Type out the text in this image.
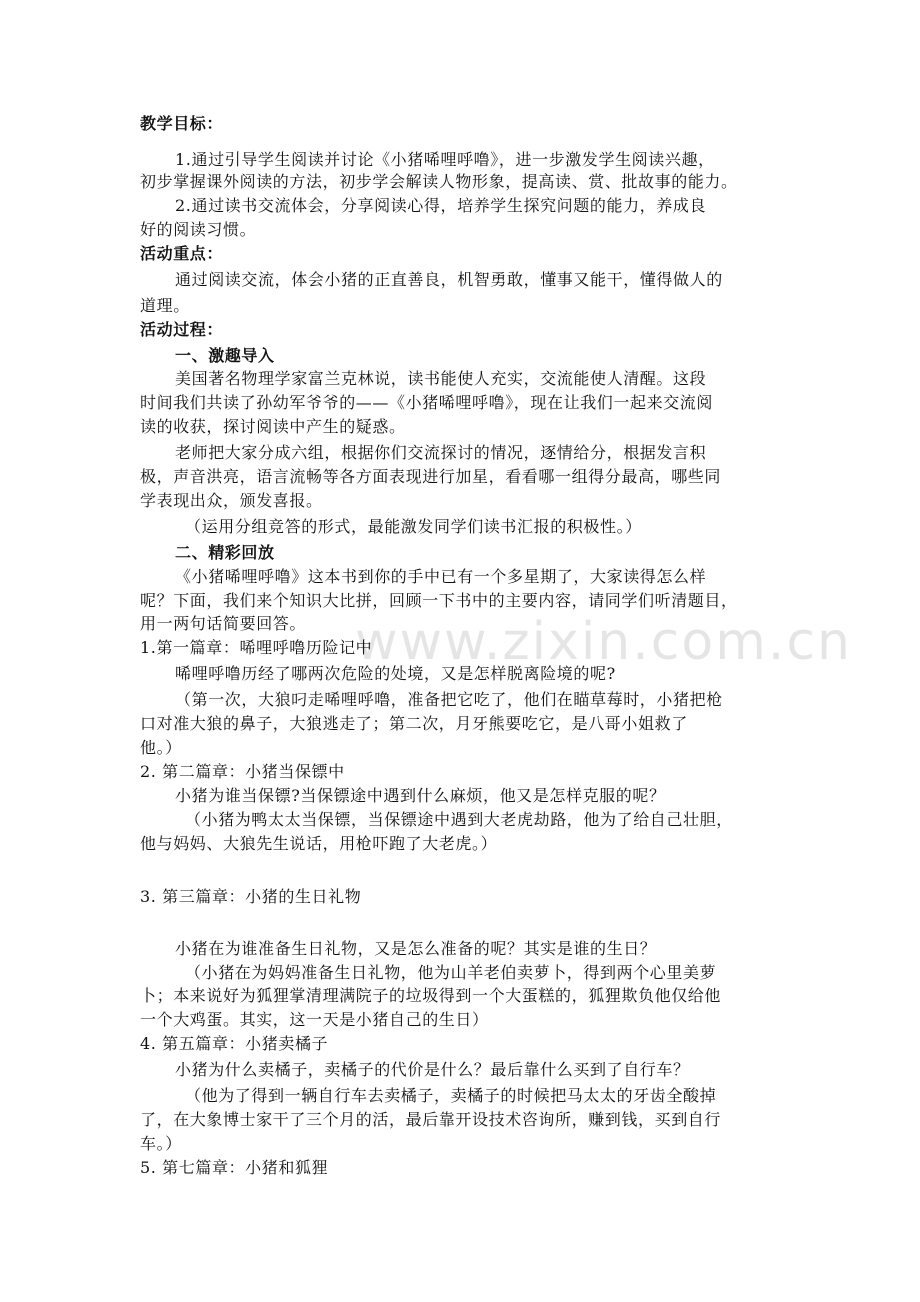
www.zixin.com.cn
教学目标：
1.通过引导学生阅读并讨论《小猪唏哩呼噜》，进一步激发学生阅读兴趣，
初步掌握课外阅读的方法，初步学会解读人物形象，提高读、赏、批故事的能力。
2.通过读书交流体会，分享阅读心得，培养学生探究问题的能力，养成良
好的阅读习惯。
活动重点：
通过阅读交流，体会小猪的正直善良，机智勇敢，懂事又能干，懂得做人的
道理。
活动过程：
一、激趣导入
美国著名物理学家富兰克林说，读书能使人充实，交流能使人清醒。这段
时间我们共读了孙幼军爷爷的——《小猪唏哩呼噜》，现在让我们一起来交流阅
读的收获，探讨阅读中产生的疑惑。
老师把大家分成六组，根据你们交流探讨的情况，逐情给分，根据发言积
极，声音洪亮，语言流畅等各方面表现进行加星，看看哪一组得分最高，哪些同
学表现出众，颁发喜报。
（运用分组竞答的形式，最能激发同学们读书汇报的积极性。）
二、精彩回放
《小猪唏哩呼噜》这本书到你的手中已有一个多星期了，大家读得怎么样
呢？下面，我们来个知识大比拼，回顾一下书中的主要内容，请同学们听清题目，
用一两句话简要回答。
1.第一篇章：唏哩呼噜历险记中
唏哩呼噜历经了哪两次危险的处境，又是怎样脱离险境的呢?
（第一次，大狼叼走唏哩呼噜，准备把它吃了，他们在瞄草莓时，小猪把枪
口对准大狼的鼻子，大狼逃走了；第二次，月牙熊要吃它，是八哥小姐救了
他。）
2. 第二篇章：小猪当保镖中
小猪为谁当保镖?当保镖途中遇到什么麻烦，他又是怎样克服的呢？
（小猪为鸭太太当保镖，当保镖途中遇到大老虎劫路，他为了给自己壮胆，
他与妈妈、大狼先生说话，用枪吓跑了大老虎。）
3. 第三篇章：小猪的生日礼物
小猪在为谁准备生日礼物，又是怎么准备的呢？其实是谁的生日？
（小猪在为妈妈准备生日礼物，他为山羊老伯卖萝卜，得到两个心里美萝
卜；本来说好为狐狸掌清理满院子的垃圾得到一个大蛋糕的，狐狸欺负他仅给他
一个大鸡蛋。其实，这一天是小猪自己的生日）
4. 第五篇章：小猪卖橘子
小猪为什么卖橘子，卖橘子的代价是什么？最后靠什么买到了自行车？
（他为了得到一辆自行车去卖橘子，卖橘子的时候把马太太的牙齿全酸掉
了，在大象博士家干了三个月的活，最后靠开设技术咨询所，赚到钱，买到自行
车。）
5. 第七篇章：小猪和狐狸
